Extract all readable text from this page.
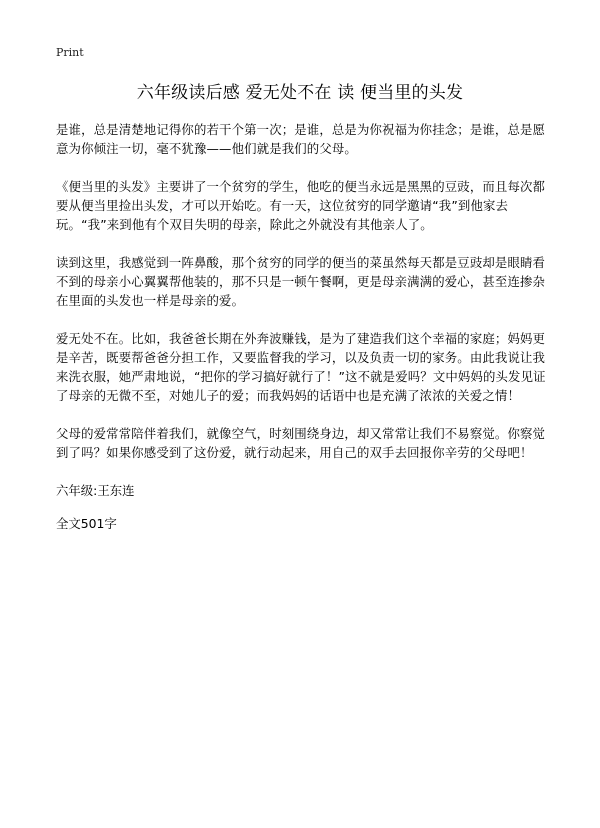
Print
六年级读后感 爱无处不在 读 便当里的头发

是谁，总是清楚地记得你的若干个第一次；是谁，总是为你祝福为你挂念；是谁，总是愿意为你倾注一切，毫不犹豫——他们就是我们的父母。

《便当里的头发》主要讲了一个贫穷的学生，他吃的便当永远是黑黑的豆豉，而且每次都要从便当里捡出头发，才可以开始吃。有一天，这位贫穷的同学邀请“我”到他家去玩。“我”来到他有个双目失明的母亲，除此之外就没有其他亲人了。

读到这里，我感觉到一阵鼻酸，那个贫穷的同学的便当的菜虽然每天都是豆豉却是眼睛看不到的母亲小心翼翼帮他装的，那不只是一顿午餐啊，更是母亲满满的爱心，甚至连掺杂在里面的头发也一样是母亲的爱。

爱无处不在。比如，我爸爸长期在外奔波赚钱，是为了建造我们这个幸福的家庭；妈妈更是辛苦，既要帮爸爸分担工作，又要监督我的学习，以及负责一切的家务。由此我说让我来洗衣服，她严肃地说，“把你的学习搞好就行了！”这不就是爱吗？文中妈妈的头发见证了母亲的无微不至，对她儿子的爱；而我妈妈的话语中也是充满了浓浓的关爱之情！

父母的爱常常陪伴着我们，就像空气，时刻围绕身边，却又常常让我们不易察觉。你察觉到了吗？如果你感受到了这份爱，就行动起来，用自己的双手去回报你辛劳的父母吧！

六年级:王东连

全文501字
